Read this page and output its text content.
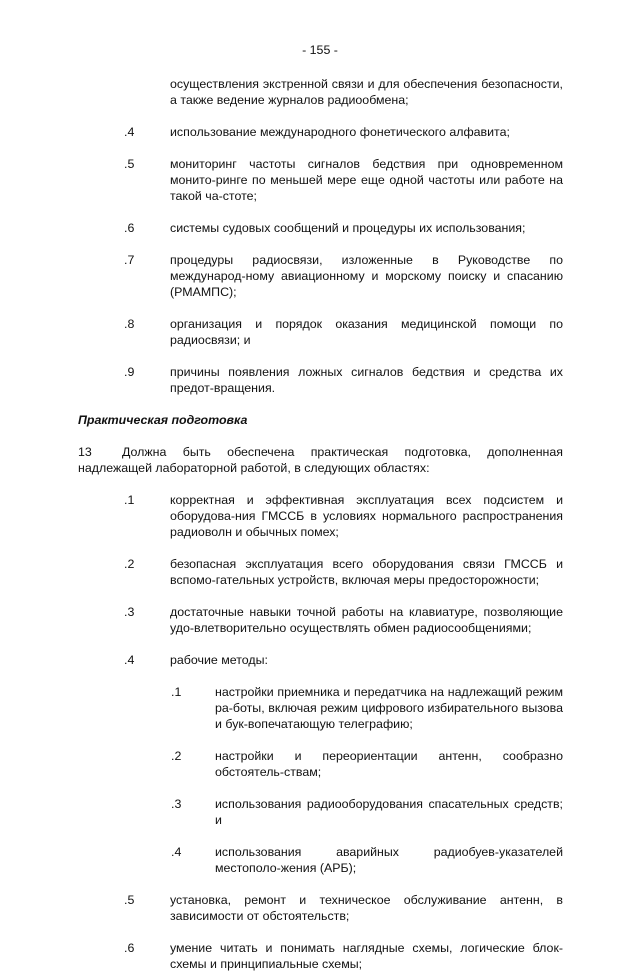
- 155 -
осуществления экстренной связи и для обеспечения безопасности, а также ведение журналов радиообмена;
.4	использование международного фонетического алфавита;
.5	мониторинг частоты сигналов бедствия при одновременном монито-ринге по меньшей мере еще одной частоты или работе на такой ча-стоте;
.6	системы судовых сообщений и процедуры их использования;
.7	процедуры радиосвязи, изложенные в Руководстве по международ-ному авиационному и морскому поиску и спасанию (РМАМПС);
.8	организация и порядок оказания медицинской помощи по радиосвязи; и
.9	причины появления ложных сигналов бедствия и средства их предот-вращения.
Практическая подготовка
13	Должна быть обеспечена практическая подготовка, дополненная надлежащей лабораторной работой, в следующих областях:
.1	корректная и эффективная эксплуатация всех подсистем и оборудова-ния ГМССБ в условиях нормального распространения радиоволн и обычных помех;
.2	безопасная эксплуатация всего оборудования связи ГМССБ и вспомо-гательных устройств, включая меры предосторожности;
.3	достаточные навыки точной работы на клавиатуре, позволяющие удо-влетворительно осуществлять обмен радиосообщениями;
.4	рабочие методы:
.1	настройки приемника и передатчика на надлежащий режим ра-боты, включая режим цифрового избирательного вызова и бук-вопечатающую телеграфию;
.2	настройки и переориентации антенн, сообразно обстоятель-ствам;
.3	использования радиооборудования спасательных средств; и
.4	использования аварийных радиобуев-указателей местополо-жения (АРБ);
.5	установка, ремонт и техническое обслуживание антенн, в зависимости от обстоятельств;
.6	умение читать и понимать наглядные схемы, логические блок-схемы и принципиальные схемы;
